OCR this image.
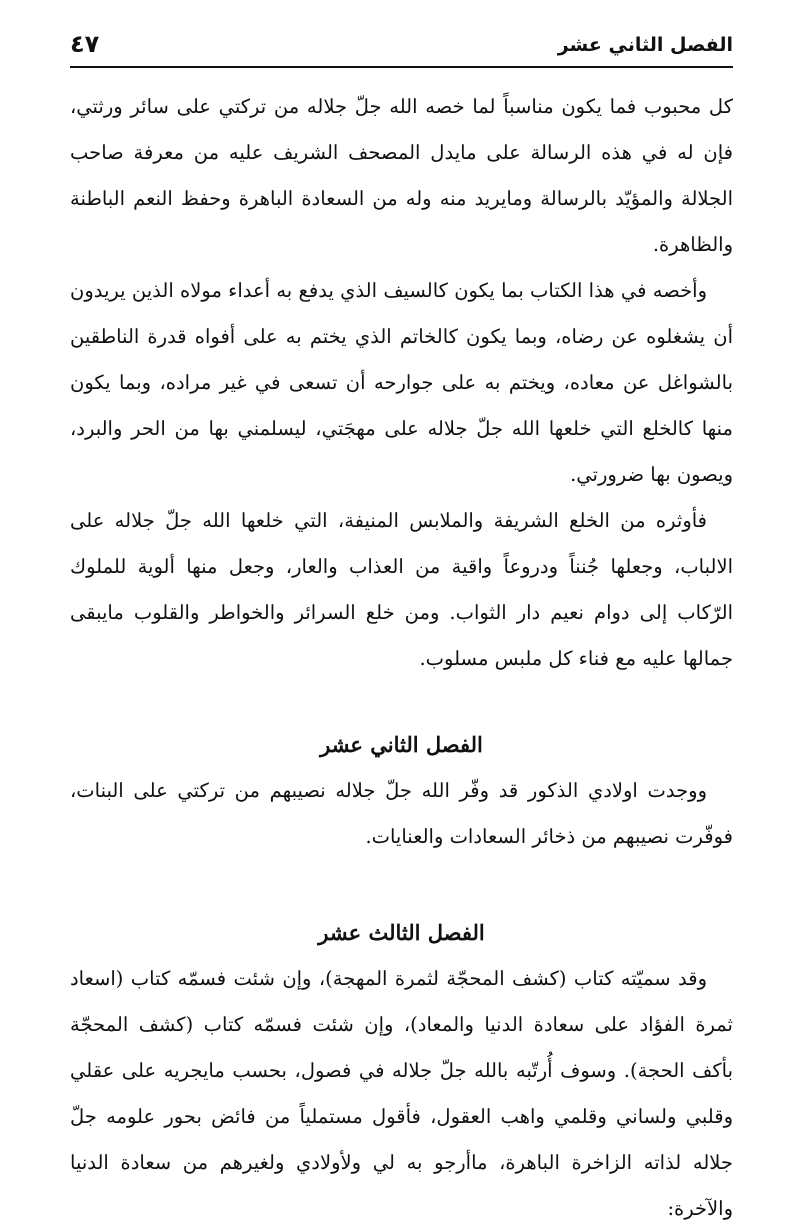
الفصل الثاني عشر
٤٧

كل محبوب فما يكون مناسباً لما خصه الله جلّ جلاله من تركتي على سائر ورثتي، فإن له في هذه الرسالة على مايدل المصحف الشريف عليه من معرفة صاحب الجلالة والمؤيّد بالرسالة ومايريد منه وله من السعادة الباهرة وحفظ النعم الباطنة والظاهرة.

وأخصه في هذا الكتاب بما يكون كالسيف الذي يدفع به أعداء مولاه الذين يريدون أن يشغلوه عن رضاه، وبما يكون كالخاتم الذي يختم به على أفواه قدرة الناطقين بالشواغل عن معاده، ويختم به على جوارحه أن تسعى في غير مراده، وبما يكون منها كالخلع التي خلعها الله جلّ جلاله على مهجَتي، ليسلمني بها من الحر والبرد، ويصون بها ضرورتي.

فأوثره من الخلع الشريفة والملابس المنيفة، التي خلعها الله جلّ جلاله على الالباب، وجعلها جُنناً ودروعاً واقية من العذاب والعار، وجعل منها ألوية للملوك الرّكاب إلى دوام نعيم دار الثواب. ومن خلع السرائر والخواطر والقلوب مايبقى جمالها عليه مع فناء كل ملبس مسلوب.

الفصل الثاني عشر

ووجدت اولادي الذكور قد وفّر الله جلّ جلاله نصيبهم من تركتي على البنات، فوفّرت نصيبهم من ذخائر السعادات والعنايات.

الفصل الثالث عشر

وقد سميّته كتاب (كشف المحجّة لثمرة المهجة)، وإن شئت فسمّه كتاب (اسعاد ثمرة الفؤاد على سعادة الدنيا والمعاد)، وإن شئت فسمّه كتاب (كشف المحجّة بأكف الحجة). وسوف أُرتّبه بالله جلّ جلاله في فصول، بحسب مايجريه على عقلي وقلبي ولساني وقلمي واهب العقول، فأقول مستملياً من فائض بحور علومه جلّ جلاله لذاته الزاخرة الباهرة، ماأرجو به لي ولأولادي ولغيرهم من سعادة الدنيا والآخرة:
